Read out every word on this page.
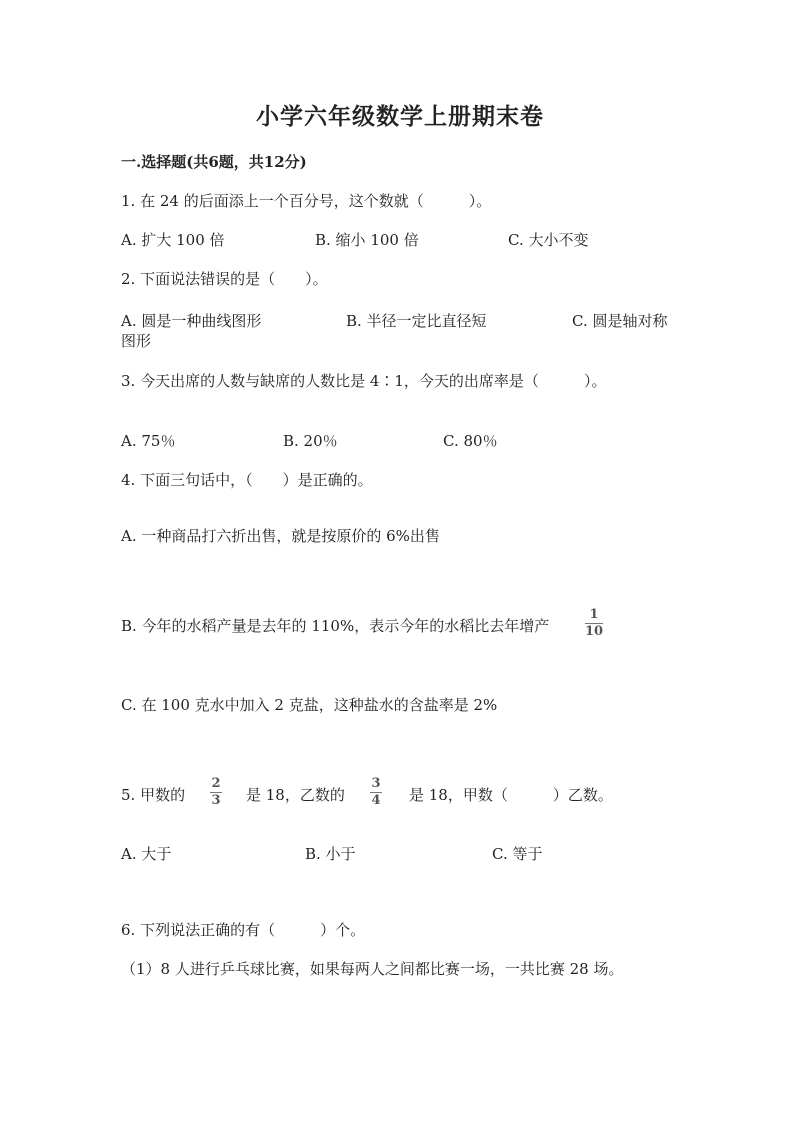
小学六年级数学上册期末卷
一.选择题(共6题，共12分)
1. 在 24 的后面添上一个百分号，这个数就（　　　）。
A. 扩大 100 倍	B. 缩小 100 倍	C. 大小不变
2. 下面说法错误的是（　　）。
A. 圆是一种曲线图形	B. 半径一定比直径短	C. 圆是轴对称
图形
3. 今天出席的人数与缺席的人数比是 4∶1，今天的出席率是（　　　）。
A. 75％	B. 20％	C. 80％
4. 下面三句话中，（　　）是正确的。
A. 一种商品打六折出售，就是按原价的 6%出售
B. 今年的水稻产量是去年的 110%，表示今年的水稻比去年增产
1
10
C. 在 100 克水中加入 2 克盐，这种盐水的含盐率是 2%
5. 甲数的
2
3 是 18，乙数的
3
4 是 18，甲数（　　　）乙数。
A. 大于	B. 小于	C. 等于
6. 下列说法正确的有（　　　）个。
（1）8 人进行乒乓球比赛，如果每两人之间都比赛一场，一共比赛 28 场。
